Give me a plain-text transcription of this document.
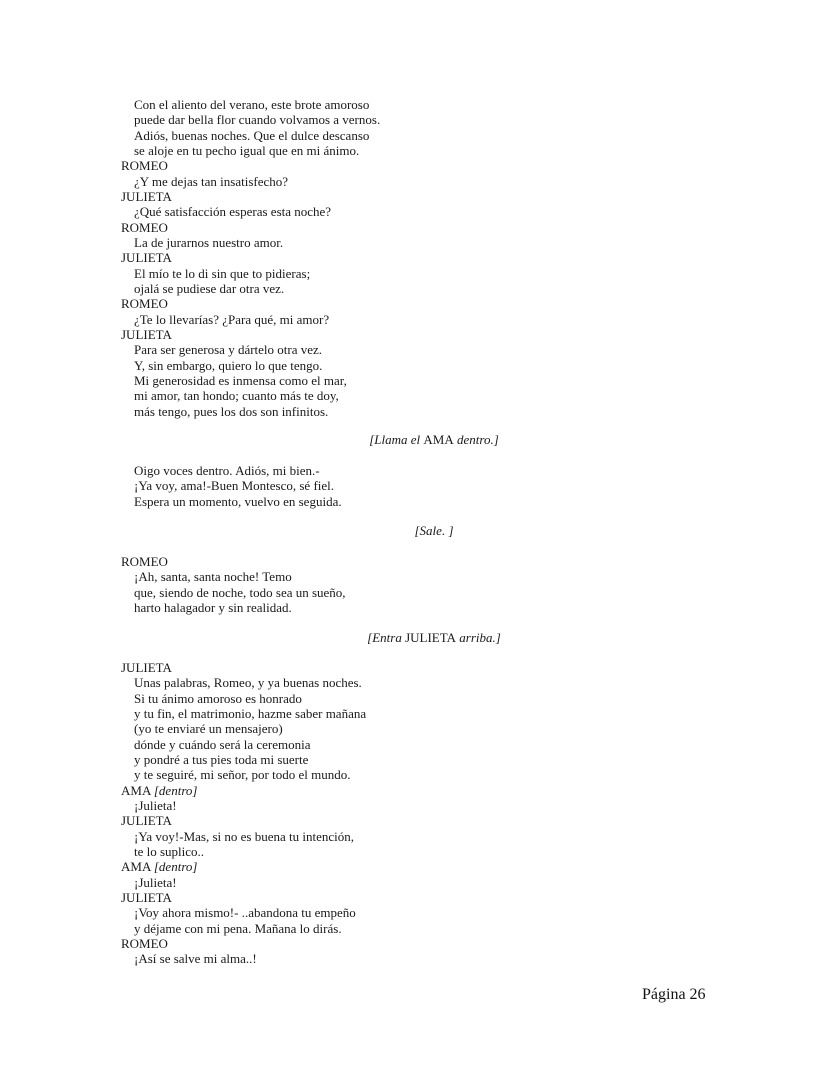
Con el aliento del verano, este brote amoroso
puede dar bella flor cuando volvamos a vernos.
Adiós, buenas noches. Que el dulce descanso
se aloje en tu pecho igual que en mi ánimo.
ROMEO
¿Y me dejas tan insatisfecho?
JULIETA
¿Qué satisfacción esperas esta noche?
ROMEO
La de jurarnos nuestro amor.
JULIETA
El mío te lo di sin que to pidieras;
ojalá se pudiese dar otra vez.
ROMEO
¿Te lo llevarías? ¿Para qué, mi amor?
JULIETA
Para ser generosa y dártelo otra vez.
Y, sin embargo, quiero lo que tengo.
Mi generosidad es inmensa como el mar,
mi amor, tan hondo; cuanto más te doy,
más tengo, pues los dos son infinitos.
[Llama el AMA dentro.]
Oigo voces dentro. Adiós, mi bien.-
¡Ya voy, ama!-Buen Montesco, sé fiel.
Espera un momento, vuelvo en seguida.
[Sale. ]
ROMEO
¡Ah, santa, santa noche! Temo
que, siendo de noche, todo sea un sueño,
harto halagador y sin realidad.
[Entra JULIETA arriba.]
JULIETA
Unas palabras, Romeo, y ya buenas noches.
Si tu ánimo amoroso es honrado
y tu fin, el matrimonio, hazme saber mañana
(yo te enviaré un mensajero)
dónde y cuándo será la ceremonia
y pondré a tus pies toda mi suerte
y te seguiré, mi señor, por todo el mundo.
AMA [dentro]
¡Julieta!
JULIETA
¡Ya voy!-Mas, si no es buena tu intención,
te lo suplico..
AMA [dentro]
¡Julieta!
JULIETA
¡Voy ahora mismo!- ..abandona tu empeño
y déjame con mi pena. Mañana lo dirás.
ROMEO
¡Así se salve mi alma..!
Página 26
